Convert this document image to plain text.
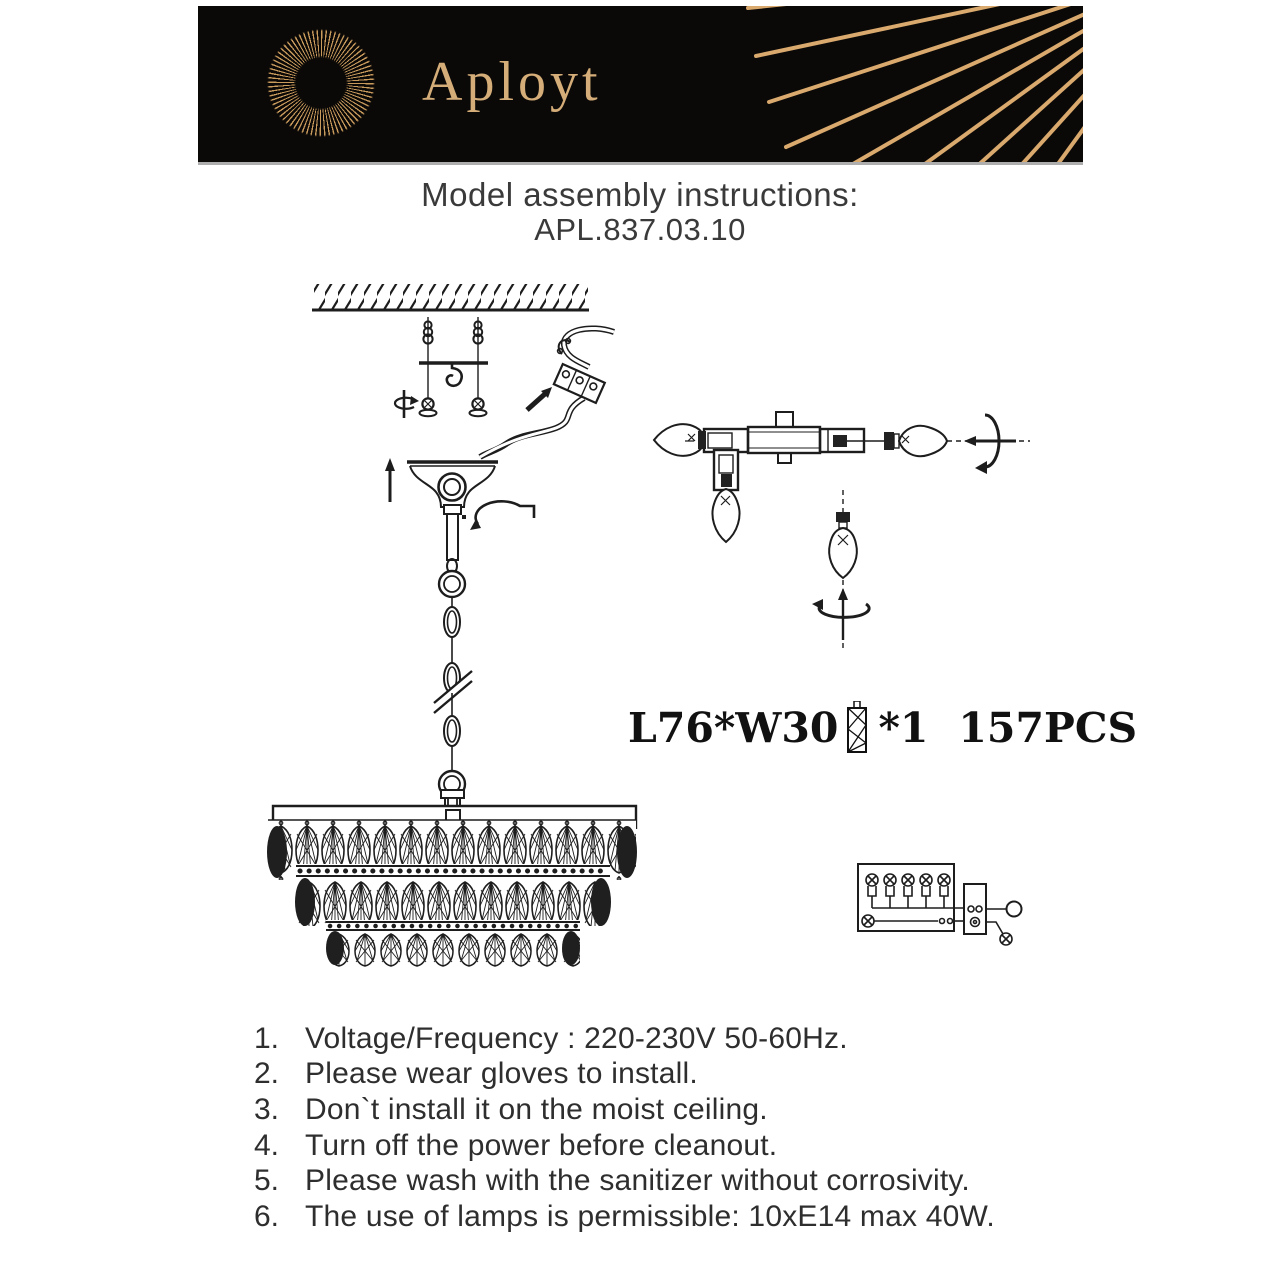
Aployt
Model assembly instructions:
APL.837.03.10
L76*W30 *1 157PCS
1. Voltage/Frequency : 220-230V 50-60Hz.
2. Please wear gloves to install.
3. Don`t install it on the moist ceiling.
4. Turn off the power before cleanout.
5. Please wash with the sanitizer without corrosivity.
6. The use of lamps is permissible: 10xE14 max 40W.
